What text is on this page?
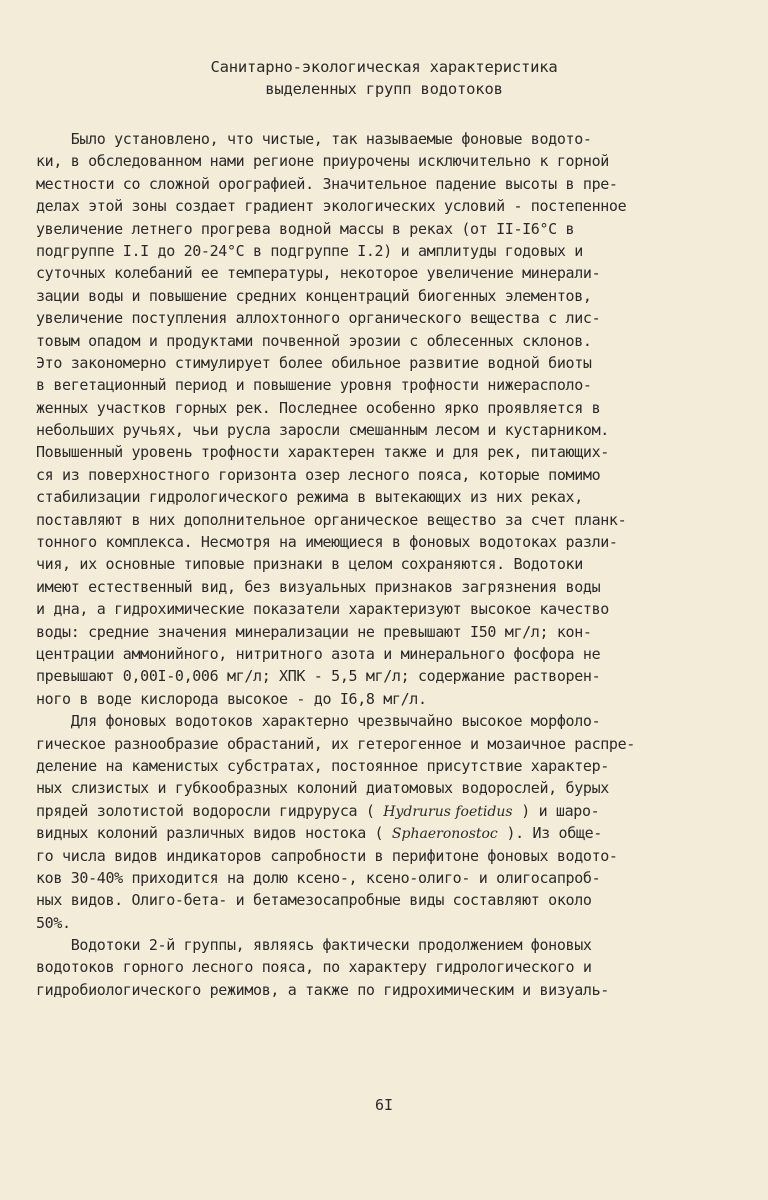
Санитарно-экологическая характеристика
выделенных групп водотоков
Было установлено, что чистые, так называемые фоновые водото-
ки, в обследованном нами регионе приурочены исключительно к горной
местности со сложной орографией. Значительное падение высоты в пре-
делах этой зоны создает градиент экологических условий - постепенное
увеличение летнего прогрева водной массы в реках (от II-I6°С в
подгруппе I.I до 20-24°С в подгруппе I.2) и амплитуды годовых и
суточных колебаний ее температуры, некоторое увеличение минерали-
зации воды и повышение средних концентраций биогенных элементов,
увеличение поступления аллохтонного органического вещества с лис-
товым опадом и продуктами почвенной эрозии с облесенных склонов.
Это закономерно стимулирует более обильное развитие водной биоты
в вегетационный период и повышение уровня трофности нижерасполо-
женных участков горных рек. Последнее особенно ярко проявляется в
небольших ручьях, чьи русла заросли смешанным лесом и кустарником.
Повышенный уровень трофности характерен также и для рек, питающих-
ся из поверхностного горизонта озер лесного пояса, которые помимо
стабилизации гидрологического режима в вытекающих из них реках,
поставляют в них дополнительное органическое вещество за счет планк-
тонного комплекса. Несмотря на имеющиеся в фоновых водотоках разли-
чия, их основные типовые признаки в целом сохраняются. Водотоки
имеют естественный вид, без визуальных признаков загрязнения воды
и дна, а гидрохимические показатели характеризуют высокое качество
воды: средние значения минерализации не превышают I50 мг/л; кон-
центрации аммонийного, нитритного азота и минерального фосфора не
превышают 0,00I-0,006 мг/л; ХПК - 5,5 мг/л; содержание растворен-
ного в воде кислорода высокое - до I6,8 мг/л.
Для фоновых водотоков характерно чрезвычайно высокое морфоло-
гическое разнообразие обрастаний, их гетерогенное и мозаичное распре-
деление на каменистых субстратах, постоянное присутствие характер-
ных слизистых и губкообразных колоний диатомовых водорослей, бурых
прядей золотистой водоросли гидруруса ( Hydrurus foetidus ) и шаро-
видных колоний различных видов ностока ( Sphaeronostoc ). Из обще-
го числа видов индикаторов сапробности в перифитоне фоновых водото-
ков 30-40% приходится на долю ксено-, ксено-олиго- и олигосапроб-
ных видов. Олиго-бета- и бетамезосапробные виды составляют около
50%.
Водотоки 2-й группы, являясь фактически продолжением фоновых
водотоков горного лесного пояса, по характеру гидрологического и
гидробиологического режимов, а также по гидрохимическим и визуаль-
6I
